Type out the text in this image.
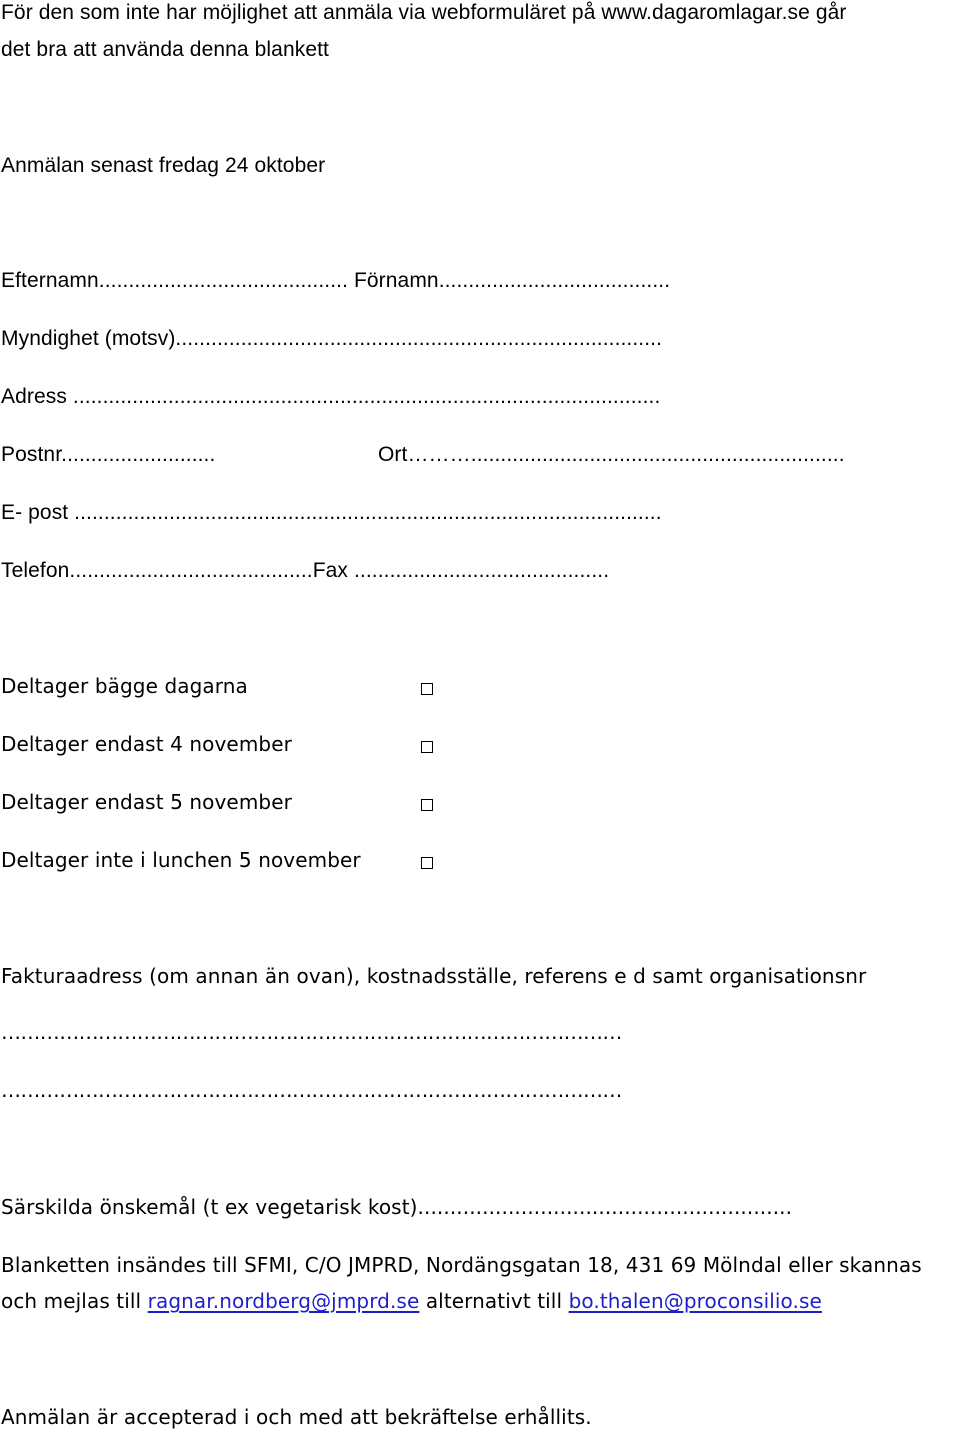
För den som inte har möjlighet att anmäla via webformuläret på www.dagaromlagar.se går
det bra att använda denna blankett
Anmälan senast fredag 24 oktober
Efternamn.......................................... Förnamn.......................................
Myndighet (motsv)..................................................................................
Adress ...................................................................................................
Postnr..........................	Ort………...............................................................
E- post ...................................................................................................
Telefon.........................................Fax ...........................................
Deltager bägge dagarna
Deltager endast 4 november
Deltager endast 5 november
Deltager inte i lunchen 5 november
Fakturaadress (om annan än ovan), kostnadsställe, referens e d samt organisationsnr
……………………………………………………………………………………
……………………………………………………………………………………
Särskilda önskemål (t ex vegetarisk kost)..........................................................
Blanketten insändes till SFMI, C/O JMPRD, Nordängsgatan 18, 431 69 Mölndal eller skannas
och mejlas till ragnar.nordberg@jmprd.se alternativt till bo.thalen@proconsilio.se
Anmälan är accepterad i och med att bekräftelse erhållits.
